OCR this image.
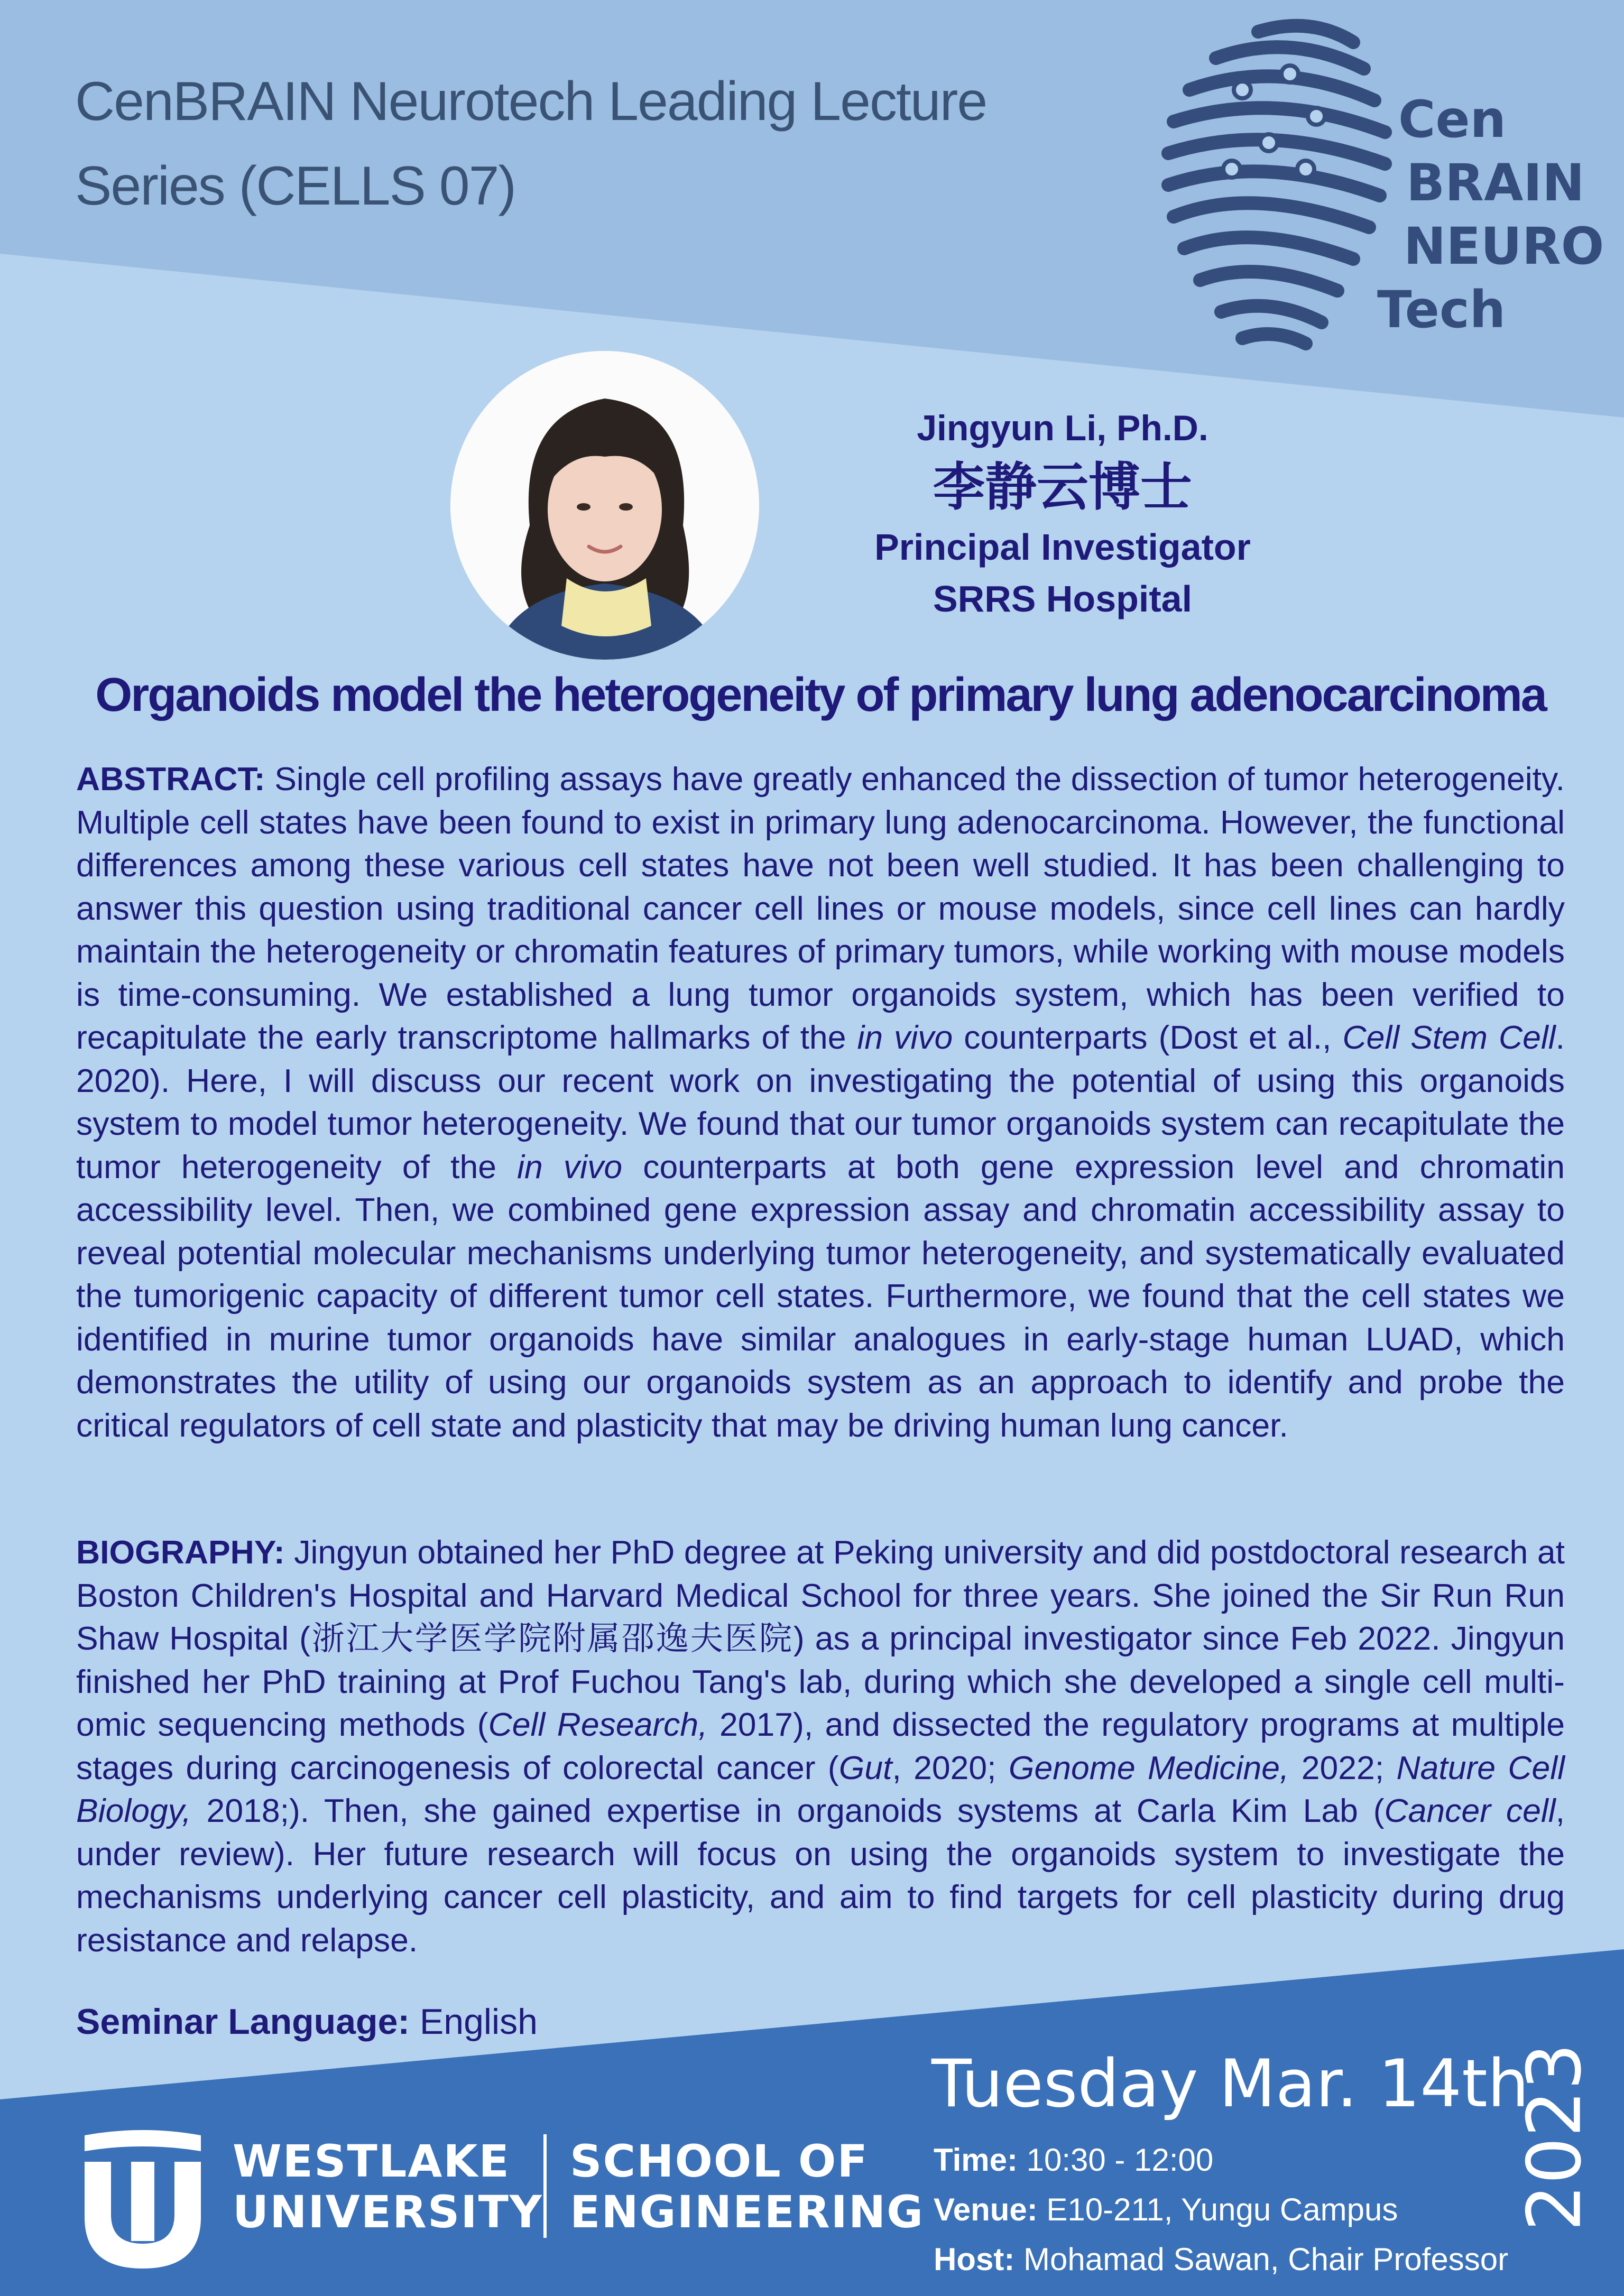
CenBRAIN Neurotech Leading Lecture
Series (CELLS 07)
Cen
BRAIN
NEURO
Tech
Jingyun Li, Ph.D.
李静云博士
Principal Investigator
SRRS Hospital
Organoids model the heterogeneity of primary lung adenocarcinoma
ABSTRACT: Single cell profiling assays have greatly enhanced the dissection of tumor heterogeneity. Multiple cell states have been found to exist in primary lung adenocarcinoma. However, the functional differences among these various cell states have not been well studied. It has been challenging to answer this question using traditional cancer cell lines or mouse models, since cell lines can hardly maintain the heterogeneity or chromatin features of primary tumors, while working with mouse models is time-consuming. We established a lung tumor organoids system, which has been verified to recapitulate the early transcriptome hallmarks of the in vivo counterparts (Dost et al., Cell Stem Cell. 2020). Here, I will discuss our recent work on investigating the potential of using this organoids system to model tumor heterogeneity. We found that our tumor organoids system can recapitulate the tumor heterogeneity of the in vivo counterparts at both gene expression level and chromatin accessibility level. Then, we combined gene expression assay and chromatin accessibility assay to reveal potential molecular mechanisms underlying tumor heterogeneity, and systematically evaluated the tumorigenic capacity of different tumor cell states. Furthermore, we found that the cell states we identified in murine tumor organoids have similar analogues in early-stage human LUAD, which demonstrates the utility of using our organoids system as an approach to identify and probe the critical regulators of cell state and plasticity that may be driving human lung cancer.
BIOGRAPHY: Jingyun obtained her PhD degree at Peking university and did postdoctoral research at Boston Children's Hospital and Harvard Medical School for three years. She joined the Sir Run Run Shaw Hospital (浙江大学医学院附属邵逸夫医院) as a principal investigator since Feb 2022. Jingyun finished her PhD training at Prof Fuchou Tang's lab, during which she developed a single cell multi-omic sequencing methods (Cell Research, 2017), and dissected the regulatory programs at multiple stages during carcinogenesis of colorectal cancer (Gut, 2020; Genome Medicine, 2022; Nature Cell Biology, 2018;). Then, she gained expertise in organoids systems at Carla Kim Lab (Cancer cell, under review). Her future research will focus on using the organoids system to investigate the mechanisms underlying cancer cell plasticity, and aim to find targets for cell plasticity during drug resistance and relapse.
Seminar Language: English
WESTLAKE
UNIVERSITY
SCHOOL OF
ENGINEERING
Tuesday Mar. 14th
Time: 10:30 - 12:00
Venue: E10-211, Yungu Campus
Host: Mohamad Sawan, Chair Professor
2023
